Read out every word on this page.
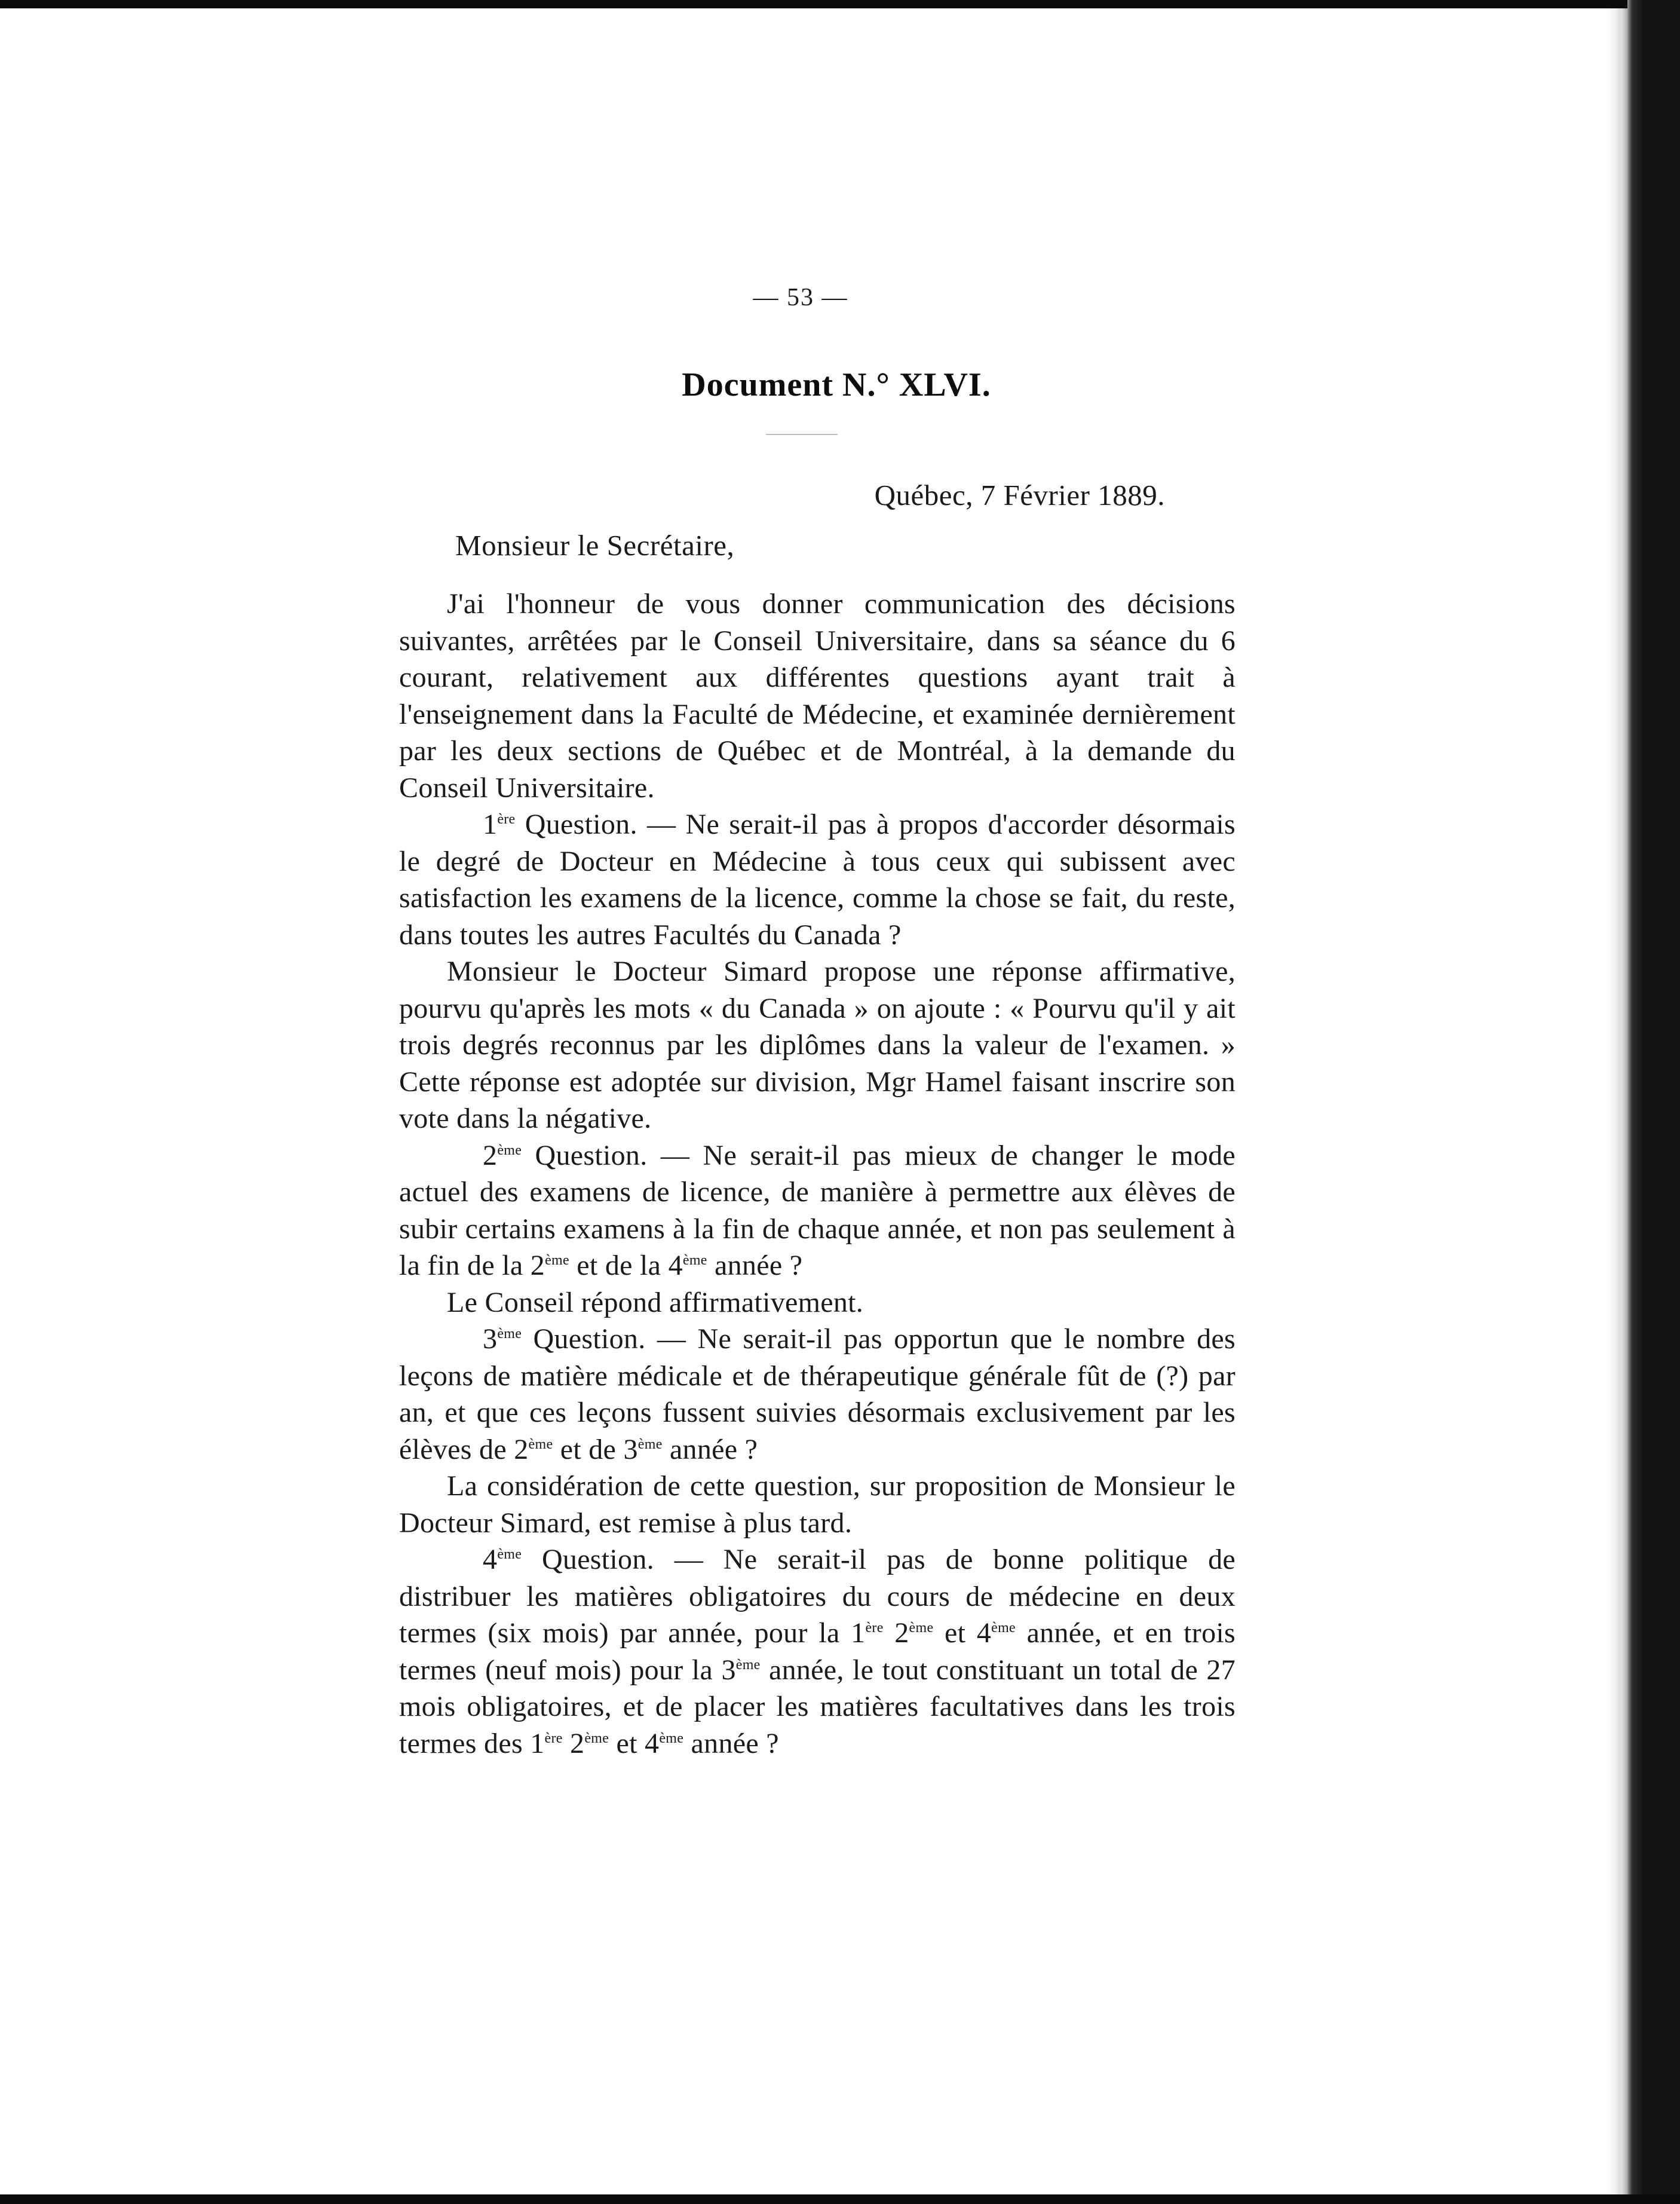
— 53 —
Document N.° XLVI.
Québec, 7 Février 1889.
Monsieur le Secrétaire,

J'ai l'honneur de vous donner communication des décisions suivantes, arrêtées par le Conseil Universitaire, dans sa séance du 6 courant, relativement aux différentes questions ayant trait à l'enseignement dans la Faculté de Médecine, et examinée dernièrement par les deux sections de Québec et de Montréal, à la demande du Conseil Universitaire.

1ère Question. — Ne serait-il pas à propos d'accorder désormais le degré de Docteur en Médecine à tous ceux qui subissent avec satisfaction les examens de la licence, comme la chose se fait, du reste, dans toutes les autres Facultés du Canada ?

Monsieur le Docteur Simard propose une réponse affirmative, pourvu qu'après les mots « du Canada » on ajoute : « Pourvu qu'il y ait trois degrés reconnus par les diplômes dans la valeur de l'examen. » Cette réponse est adoptée sur division, Mgr Hamel faisant inscrire son vote dans la négative.

2ème Question. — Ne serait-il pas mieux de changer le mode actuel des examens de licence, de manière à permettre aux élèves de subir certains examens à la fin de chaque année, et non pas seulement à la fin de la 2ème et de la 4ème année ?

Le Conseil répond affirmativement.

3ème Question. — Ne serait-il pas opportun que le nombre des leçons de matière médicale et de thérapeutique générale fût de (?) par an, et que ces leçons fussent suivies désormais exclusivement par les élèves de 2ème et de 3ème année ?

La considération de cette question, sur proposition de Monsieur le Docteur Simard, est remise à plus tard.

4ème Question. — Ne serait-il pas de bonne politique de distribuer les matières obligatoires du cours de médecine en deux termes (six mois) par année, pour la 1ère 2ème et 4ème année, et en trois termes (neuf mois) pour la 3ème année, le tout constituant un total de 27 mois obligatoires, et de placer les matières facultatives dans les trois termes des 1ère 2ème et 4ème année ?
